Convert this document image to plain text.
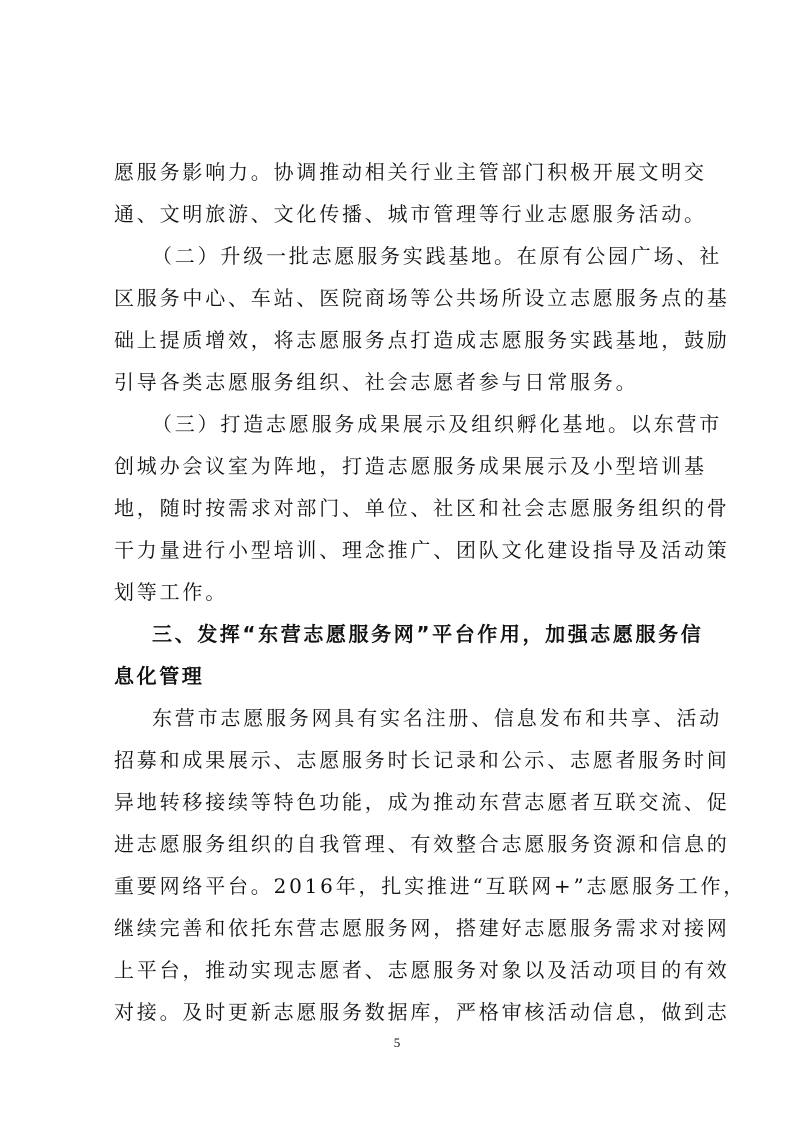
愿服务影响力。协调推动相关行业主管部门积极开展文明交
通、文明旅游、文化传播、城市管理等行业志愿服务活动。
（二）升级一批志愿服务实践基地。在原有公园广场、社
区服务中心、车站、医院商场等公共场所设立志愿服务点的基
础上提质增效，将志愿服务点打造成志愿服务实践基地，鼓励
引导各类志愿服务组织、社会志愿者参与日常服务。
（三）打造志愿服务成果展示及组织孵化基地。以东营市
创城办会议室为阵地，打造志愿服务成果展示及小型培训基
地，随时按需求对部门、单位、社区和社会志愿服务组织的骨
干力量进行小型培训、理念推广、团队文化建设指导及活动策
划等工作。
三、发挥“东营志愿服务网”平台作用，加强志愿服务信
息化管理
东营市志愿服务网具有实名注册、信息发布和共享、活动
招募和成果展示、志愿服务时长记录和公示、志愿者服务时间
异地转移接续等特色功能，成为推动东营志愿者互联交流、促
进志愿服务组织的自我管理、有效整合志愿服务资源和信息的
重要网络平台。2016年，扎实推进“互联网+”志愿服务工作，
继续完善和依托东营志愿服务网，搭建好志愿服务需求对接网
上平台，推动实现志愿者、志愿服务对象以及活动项目的有效
对接。及时更新志愿服务数据库，严格审核活动信息，做到志
5
